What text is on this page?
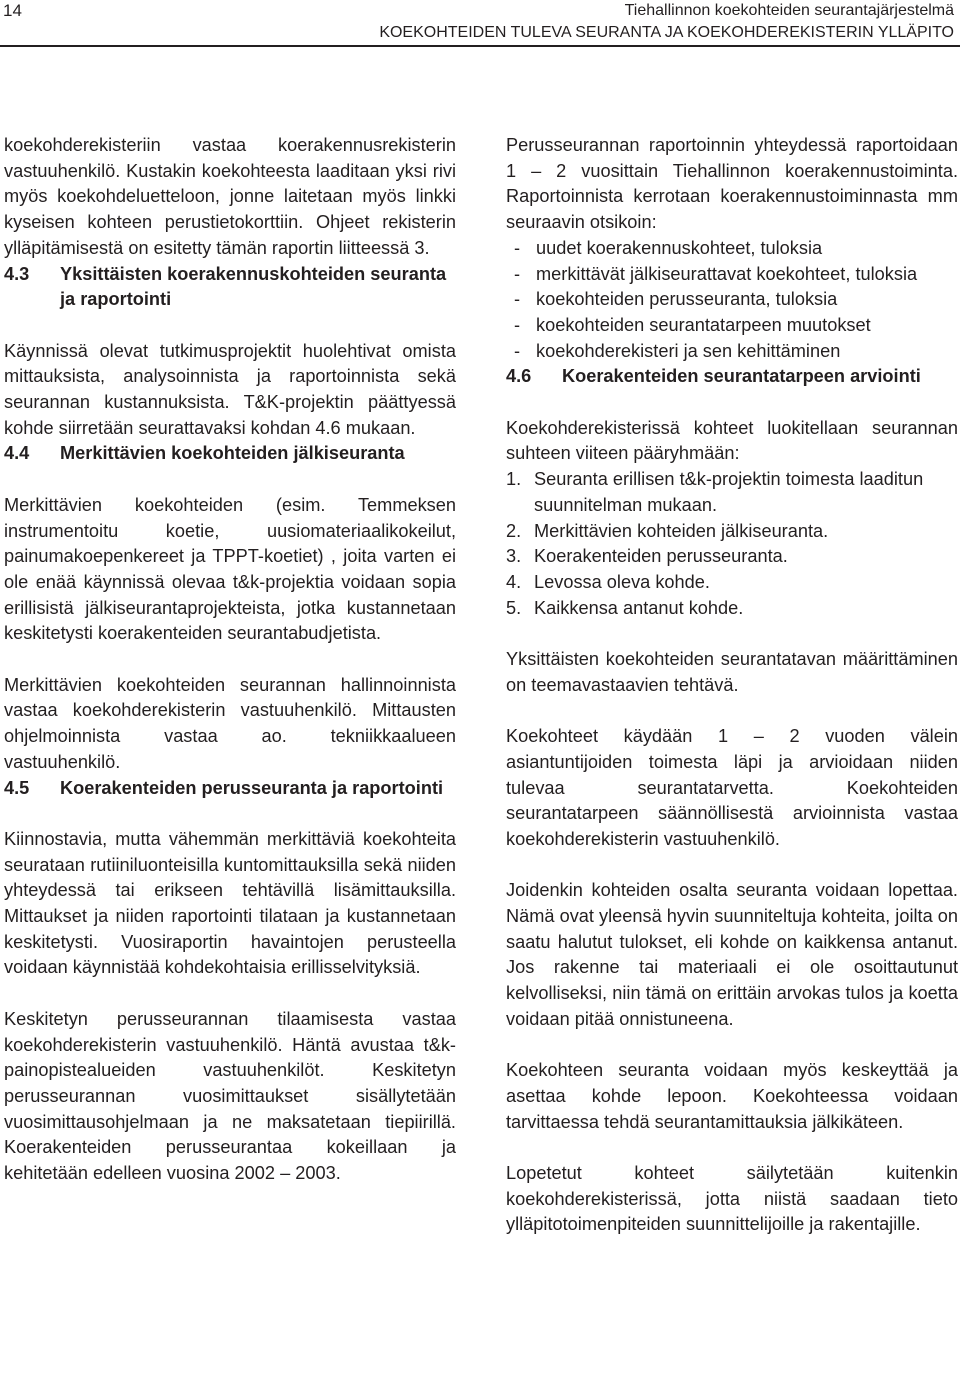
14	Tiehallinnon koekohteiden seurantajärjestelmä
KOEKOHTEIDEN TULEVA SEURANTA JA KOEKOHDEREKISTERIN YLLÄPITO

koekohderekisteriin vastaa koerakennusrekisterin vastuuhenkilö. Kustakin koekohteesta laaditaan yksi rivi myös koekohdeluetteloon, jonne laitetaan myös linkki kyseisen kohteen perustietokorttiin. Ohjeet rekisterin ylläpitämisestä on esitetty tämän raportin liitteessä 3.

4.3	Yksittäisten koerakennuskohteiden seuranta ja raportointi

Käynnissä olevat tutkimusprojektit huolehtivat omista mittauksista, analysoinnista ja raportoinnista sekä seurannan kustannuksista. T&K-projektin päättyessä kohde siirretään seurattavaksi kohdan 4.6 mukaan.

4.4	Merkittävien koekohteiden jälkiseuranta

Merkittävien koekohteiden (esim. Temmeksen instrumentoitu koetie, uusiomateriaalikokeilut, painumakoepenkereet ja TPPT-koetiet) , joita varten ei ole enää käynnissä olevaa t&k-projektia voidaan sopia erillisistä jälkiseurantaprojekteista, jotka kustannetaan keskitetysti koerakenteiden seurantabudjetista.

Merkittävien koekohteiden seurannan hallinnoinnista vastaa koekohderekisterin vastuuhenkilö. Mittausten ohjelmoinnista vastaa ao. tekniikkaalueen vastuuhenkilö.

4.5	Koerakenteiden perusseuranta ja raportointi

Kiinnostavia, mutta vähemmän merkittäviä koekohteita seurataan rutiiniluonteisilla kuntomittauksilla sekä niiden yhteydessä tai erikseen tehtävillä lisämittauksilla. Mittaukset ja niiden raportointi tilataan ja kustannetaan keskitetysti. Vuosiraportin havaintojen perusteella voidaan käynnistää kohdekohtaisia erillisselvityksiä.

Keskitetyn perusseurannan tilaamisesta vastaa koekohderekisterin vastuuhenkilö. Häntä avustaa t&k-painopistealueiden vastuuhenkilöt. Keskitetyn perusseurannan vuosimittaukset sisällytetään vuosimittausohjelmaan ja ne maksatetaan tiepiirillä. Koerakenteiden perusseurantaa kokeillaan ja kehitetään edelleen vuosina 2002 – 2003.

Perusseurannan raportoinnin yhteydessä raportoidaan 1 – 2 vuosittain Tiehallinnon koerakennustoiminta. Raportoinnista kerrotaan koerakennustoiminnasta mm seuraavin otsikoin:

- uudet koerakennuskohteet, tuloksia
- merkittävät jälkiseurattavat koekohteet, tuloksia
- koekohteiden perusseuranta, tuloksia
- koekohteiden seurantatarpeen muutokset
- koekohderekisteri ja sen kehittäminen
4.6	Koerakenteiden seurantatarpeen arviointi

Koekohderekisterissä kohteet luokitellaan seurannan suhteen viiteen pääryhmään:

1. Seuranta erillisen t&k-projektin toimesta laaditun suunnitelman mukaan.
2. Merkittävien kohteiden jälkiseuranta.
3. Koerakenteiden perusseuranta.
4. Levossa oleva kohde.
5. Kaikkensa antanut kohde.

Yksittäisten koekohteiden seurantatavan määrittäminen on teemavastaavien tehtävä.

Koekohteet käydään 1 – 2 vuoden välein asiantuntijoiden toimesta läpi ja arvioidaan niiden tulevaa seurantatarvetta. Koekohteiden seurantatarpeen säännöllisestä arvioinnista vastaa koekohderekisterin vastuuhenkilö.

Joidenkin kohteiden osalta seuranta voidaan lopettaa. Nämä ovat yleensä hyvin suunniteltuja kohteita, joilta on saatu halutut tulokset, eli kohde on kaikkensa antanut. Jos rakenne tai materiaali ei ole osoittautunut kelvolliseksi, niin tämä on erittäin arvokas tulos ja koetta voidaan pitää onnistuneena.

Koekohteen seuranta voidaan myös keskeyttää ja asettaa kohde lepoon. Koekohteessa voidaan tarvittaessa tehdä seurantamittauksia jälkikäteen.

Lopetetut kohteet säilytetään kuitenkin koekohderekisterissä, jotta niistä saadaan tieto ylläpitotoimenpiteiden suunnittelijoille ja rakentajille.
